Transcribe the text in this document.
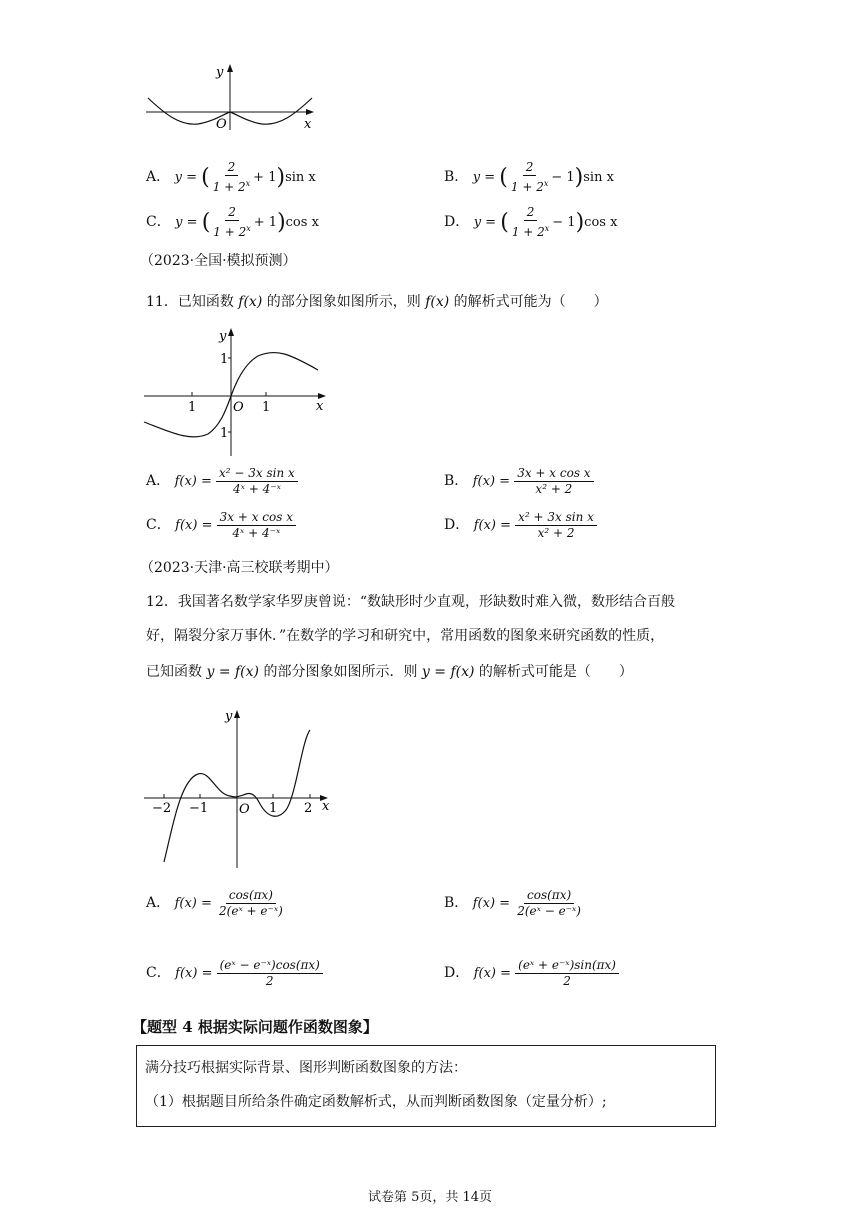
y
x
O
A． y = ( $\frac{2}{1 + 2^x} + 1$ ) sin x	B． y = ( $\frac{2}{1 + 2^x} - 1$ ) sin x
C． y = ( $\frac{2}{1 + 2^x} + 1$ ) cos x	D． y = ( $\frac{2}{1 + 2^x} - 1$ ) cos x
（2023·全国·模拟预测）
11．已知函数 f(x) 的部分图象如图所示，则 f(x) 的解析式可能为（　　）
y
x
O
1	1
1
1
A． f(x) =
$\frac{\text{x² − 3x sin x}}{\text{4ˣ + 4⁻ˣ}}$	B． f(x) =
$\frac{\text{3x + x cos x}}{\text{x² + 2}}$
C． f(x) =
$\frac{\text{3x + x cos x}}{\text{4ˣ + 4⁻ˣ}}$	D． f(x) =
$\frac{\text{x² + 3x sin x}}{\text{x² + 2}}$
（2023·天津·高三校联考期中）
12．我国著名数学家华罗庚曾说：“数缺形时少直观，形缺数时难入微，数形结合百般
好，隔裂分家万事休．”在数学的学习和研究中，常用函数的图象来研究函数的性质，
已知函数 y = f(x) 的部分图象如图所示．则 y = f(x) 的解析式可能是（　　）
y
x
O
−2 −1	1 2
A． f(x) =
$\frac{\cos(\pi x)}{\text{2(eˣ + e⁻ˣ)}}$	B． f(x) =
$\frac{\cos(\pi x)}{\text{2(eˣ − e⁻ˣ)}}$
C． f(x) =
$\frac{\text{(eˣ − e⁻ˣ)cos(πx)}}{2}$	D． f(x) =
$\frac{\text{(eˣ + e⁻ˣ)sin(πx)}}{2}$
【题型 4 根据实际问题作函数图象】
满分技巧根据实际背景、图形判断函数图象的方法：
（1）根据题目所给条件确定函数解析式，从而判断函数图象（定量分析）;
试卷第 5页，共 14页
